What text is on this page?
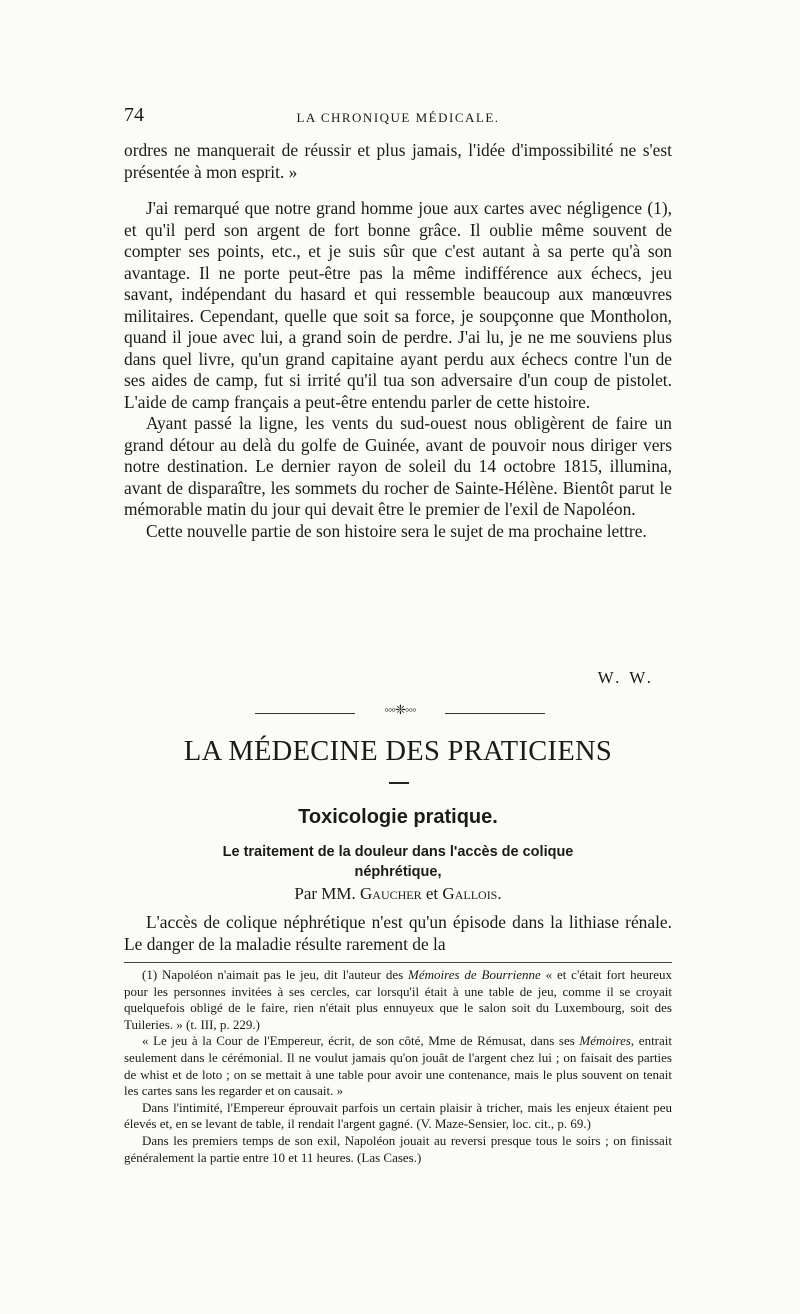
74	LA CHRONIQUE MÉDICALE.

ordres ne manquerait de réussir et plus jamais, l'idée d'impossibilité ne s'est présentée à mon esprit. »

J'ai remarqué que notre grand homme joue aux cartes avec négligence (1), et qu'il perd son argent de fort bonne grâce. Il oublie même souvent de compter ses points, etc., et je suis sûr que c'est autant à sa perte qu'à son avantage. Il ne porte peut-être pas la même indifférence aux échecs, jeu savant, indépendant du hasard et qui ressemble beaucoup aux manœuvres militaires. Cependant, quelle que soit sa force, je soupçonne que Montholon, quand il joue avec lui, a grand soin de perdre. J'ai lu, je ne me souviens plus dans quel livre, qu'un grand capitaine ayant perdu aux échecs contre l'un de ses aides de camp, fut si irrité qu'il tua son adversaire d'un coup de pistolet. L'aide de camp français a peut-être entendu parler de cette histoire.

Ayant passé la ligne, les vents du sud-ouest nous obligèrent de faire un grand détour au delà du golfe de Guinée, avant de pouvoir nous diriger vers notre destination. Le dernier rayon de soleil du 14 octobre 1815, illumina, avant de disparaître, les sommets du rocher de Sainte-Hélène. Bientôt parut le mémorable matin du jour qui devait être le premier de l'exil de Napoléon.

Cette nouvelle partie de son histoire sera le sujet de ma prochaine lettre.

W. W.
◦◦◦❈◦◦◦
LA MÉDECINE DES PRATICIENS
Toxicologie pratique.
Le traitement de la douleur dans l'accès de colique
néphrétique,
Par MM. Gaucher et Gallois.

L'accès de colique néphrétique n'est qu'un épisode dans la lithiase rénale. Le danger de la maladie résulte rarement de la

(1) Napoléon n'aimait pas le jeu, dit l'auteur des Mémoires de Bourrienne « et c'était fort heureux pour les personnes invitées à ses cercles, car lorsqu'il était à une table de jeu, comme il se croyait quelquefois obligé de le faire, rien n'était plus ennuyeux que le salon soit du Luxembourg, soit des Tuileries. » (t. III, p. 229.)

« Le jeu à la Cour de l'Empereur, écrit, de son côté, Mme de Rémusat, dans ses Mémoires, entrait seulement dans le cérémonial. Il ne voulut jamais qu'on jouât de l'argent chez lui ; on faisait des parties de whist et de loto ; on se mettait à une table pour avoir une contenance, mais le plus souvent on tenait les cartes sans les regarder et on causait. »

Dans l'intimité, l'Empereur éprouvait parfois un certain plaisir à tricher, mais les enjeux étaient peu élevés et, en se levant de table, il rendait l'argent gagné. (V. Maze-Sensier, loc. cit., p. 69.)

Dans les premiers temps de son exil, Napoléon jouait au reversi presque tous le soirs ; on finissait généralement la partie entre 10 et 11 heures. (Las Cases.)
